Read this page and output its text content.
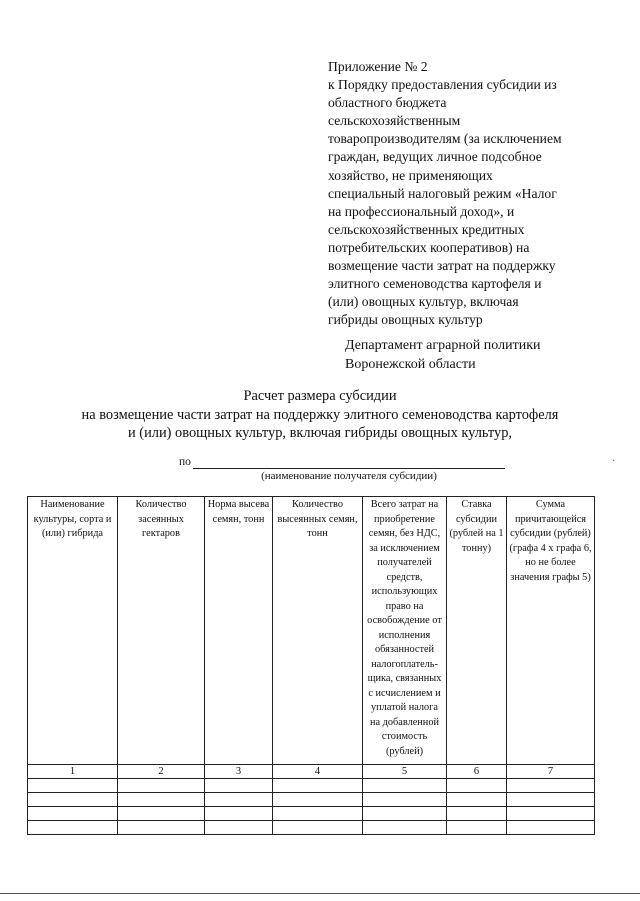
Приложение № 2
к Порядку предоставления субсидии из
областного бюджета
сельскохозяйственным
товаропроизводителям (за исключением
граждан, ведущих личное подсобное
хозяйство, не применяющих
специальный налоговый режим «Налог
на профессиональный доход», и
сельскохозяйственных кредитных
потребительских кооперативов) на
возмещение части затрат на поддержку
элитного семеноводства картофеля и
(или) овощных культур, включая
гибриды овощных культур
Департамент аграрной политики
Воронежской области
Расчет размера субсидии
на возмещение части затрат на поддержку элитного семеноводства картофеля
и (или) овощных культур, включая гибриды овощных культур,
по
(наименование получателя субсидии)
·
Наименование культуры, сорта и (или) гибрида	Количество засеянных гектаров	Норма высева семян, тонн	Количество высеянных семян, тонн	Всего затрат на приобретение семян, без НДС, за исключением получателей средств, использующих право на освобождение от исполнения обязанностей налогоплатель-щика, связанных с исчислением и уплатой налога на добавленной стоимость (рублей)	Ставка субсидии (рублей на 1 тонну)	Сумма причитающейся субсидии (рублей) (графа 4 х графа 6, но не более значения графы 5)

1	2	3	4	5	6	7
